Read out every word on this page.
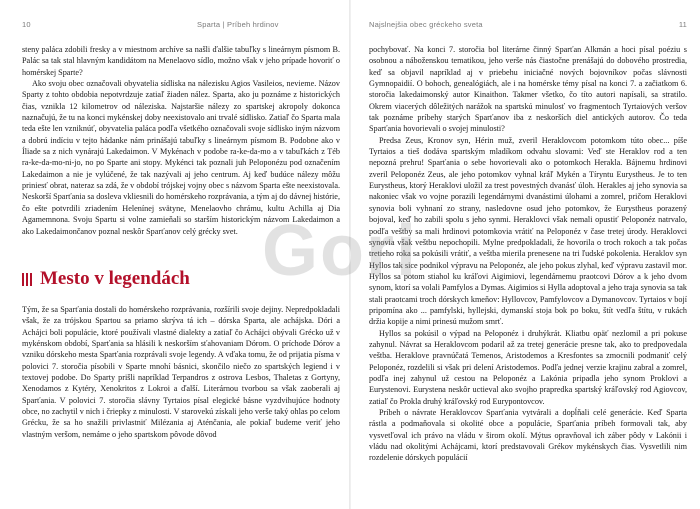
10	Sparta | Príbeh hrdinov

steny paláca zdobili fresky a v miestnom archíve sa našli ďalšie tabuľky s lineárnym písmom B. Palác sa tak stal hlavným kandidátom na Menelaovo sídlo, možno však v jeho prípade hovoriť o homérskej Sparte?

Ako svoju obec označovali obyvatelia sídliska na nálezisku Agios Vasileios, nevieme. Názov Sparty z tohto obdobia nepotvrdzuje zatiaľ žiaden nález. Sparta, ako ju poznáme z historických čias, vznikla 12 kilometrov od náleziska. Najstaršie nálezy zo spartskej akropoly dokonca naznačujú, že tu na konci mykénskej doby neexistovalo ani trvalé sídlisko. Zatiaľ čo Sparta mala teda ešte len vzniknúť, obyvatelia paláca podľa všetkého označovali svoje sídlisko iným názvom a dobrú indíciu v tejto hádanke nám prinášajú tabuľky s lineárnym písmom B. Podobne ako v Íliade sa z nich vynárajú Lakedaimon. V Mykénach v podobe ra-ke-da-mo a v tabuľkách z Téb ra-ke-da-mo-ni-jo, no po Sparte ani stopy. Mykénci tak poznali juh Peloponézu pod označením Lakedaimon a nie je vylúčené, že tak nazývali aj jeho centrum. Aj keď budúce nálezy môžu priniesť obrat, nateraz sa zdá, že v období trójskej vojny obec s názvom Sparta ešte neexistovala. Neskorší Sparťania sa dosleva vkliesnili do homérskeho rozprávania, a tým aj do dávnej histórie, čo ešte potvrdili zriadením Helenínej svätyne, Menelaovho chrámu, kultu Achilla aj Dia Agamemnona. Svoju Spartu si volne zamieňali so starším historickým názvom Lakedaimon a ako Lakedaimončanov poznal neskôr Sparťanov celý grécky svet.

Mesto v legendách

Tým, že sa Sparťania dostali do homérskeho rozprávania, rozšírili svoje dejiny. Nepredpokladali však, že za trójskou Spartou sa priamo skrýva tá ich – dórska Sparta, ale achájska. Dóri a Achájci boli populácie, ktoré používali vlastné dialekty a zatiaľ čo Achájci obývali Grécko už v mykénskom období, Sparťania sa hlásili k neskorším sťahovaniam Dórom. O príchode Dórov a vzniku dórskeho mesta Sparťania rozprávali svoje legendy. A vďaka tomu, že od prijatia písma v polovici 7. storočia písobili v Sparte mnohí básnici, skončilo niečo zo spartských legiend i v textovej podobe. Do Sparty prišli napríklad Terpandros z ostrova Lesbos, Thaletas z Gortyny, Xenodamos z Kytéry, Xenokritos z Lokroi a ďalší. Literárnou tvorbou sa však zaoberali aj Sparťania. V polovici 7. storočia slávny Tyrtaios písal elegické básne vyzdvihujúce hodnoty obce, no zachytil v nich i čriepky z minulosti. V starovekú získali jeho verše taký ohlas po celom Grécku, že sa ho snažili privlastniť Milézania aj Aténčania, ale pokiaľ budeme veriť jeho vlastným veršom, nemáme o jeho spartskom pôvode dôvod

Najslnejšia obec gréckeho sveta	11

pochybovať. Na konci 7. storočia bol literárne činný Sparťan Alkmán a hoci písal poéziu s osobnou a náboženskou tematikou, jeho verše nás čiastočne prenášajú do dobového prostredia, keď sa objavil napríklad aj v priebehu iniciačné nových bojovníkov počas slávnosti Gymnopaidií. O bohoch, genealógiách, ale i na homérske témy písal na konci 7. a začiatkom 6. storočia lakedaimonský autor Kinaithon. Takmer všetko, čo títo autori napísali, sa stratilo. Okrem viacerých dôležitých narážok na spartskú minulosť vo fragmentoch Tyrtaiových veršov tak poznáme príbehy starých Sparťanov iba z neskorších diel antických autorov. Čo teda Sparťania hovorievali o svojej minulosti?

Predsa Zeus, Kronov syn, Hérin muž, zveril Heraklovcom potomkom túto obec... píše Tyrtaios a tieš dodáva spartským mladíkom odvahu slovami: Veď ste Heraklov rod a ten nepozná prehru! Sparťania o sebe hovorievali ako o potomkoch Herakla. Bájnemu hrdinovi zveril Peloponéz Zeus, ale jeho potomkov vyhnal kráľ Mykén a Tíryntu Eurystheus. Je to ten Eurystheus, ktorý Heraklovi uložil za trest povestných dvanásť úloh. Herakles aj jeho synovia sa nakoniec však vo vojne porazili legendárnymi dvanástimi úlohami a zomrel, pričom Heraklovi synovia boli vyhnaní zo strany, nasledovne osud jeho potomkov, že Eurystheus porazený bojoval, keď ho zabili spolu s jeho synmi. Heraklovci však nemali opustiť Peloponéz natrvalo, podľa veštby sa mali hrdinovi potomkovia vrátiť na Peloponéz v čase tretej úrody. Heraklovci synovia však veštbu nepochopili. Mylne predpokladali, že hovorila o troch rokoch a tak počas tretieho roka sa pokúsili vrátiť, a veštba mierila prenesene na tri ľudské pokolenia. Heraklov syn Hyllos tak sice podnikol výpravu na Peloponéz, ale jeho pokus zlyhal, keď výpravu zastavil mor. Hyllos sa potom stiahol ku kráľovi Aigimiovi, legendárnemu praotcovi Dórov a k jeho dvom synom, ktorí sa volali Pamfylos a Dymas. Aigimios si Hylla adoptoval a jeho traja synovia sa tak stali praotcami troch dórskych kmeňov: Hyllovcov, Pamfylovcov a Dymanovcov. Tyrtaios v bojí pripomína ako ... pamfylski, hyllejski, dymanskí stoja bok po boku, štít vedľa štítu, v rukách držia kopije a nimi prinesú mužom smrť.

Hyllos sa pokúsil o výpad na Peloponéz i druhýkrát. Kliatbu opäť nezlomil a pri pokuse zahynul. Návrat sa Heraklovcom podaril až za tretej generácie presne tak, ako to predpovedala veštba. Heraklove pravnúčatá Temenos, Aristodemos a Kresfontes sa zmocnili podmaniť celý Peloponéz, rozdelili si však pri delení Aristodemos. Podľa jednej verzie krajinu zabral a zomrel, podľa inej zahynul už cestou na Peloponéz a Lakónia pripadla jeho synom Proklovi a Eurystenovi. Eurystena neskôr uctieval ako svojho prapredka spartský kráľovský rod Agiovcov, zatiaľ čo Prokla druhý kráľovský rod Eurypontovcov.

Príbeh o návrate Heraklovcov Sparťania vytvárali a dopĺňali celé generácie. Keď Sparta rástla a podmaňovala si okolité obce a populácie, Sparťania príbeh formovali tak, aby vysvetľoval ich právo na vládu v širom okolí. Mýtus opravňoval ich záber pôdy v Lakónii i vládu nad okolitými Achájcami, ktorí predstavovali Grékov mykénskych čias. Vysvetlili nim rozdelenie dórskych populácií

Gori
